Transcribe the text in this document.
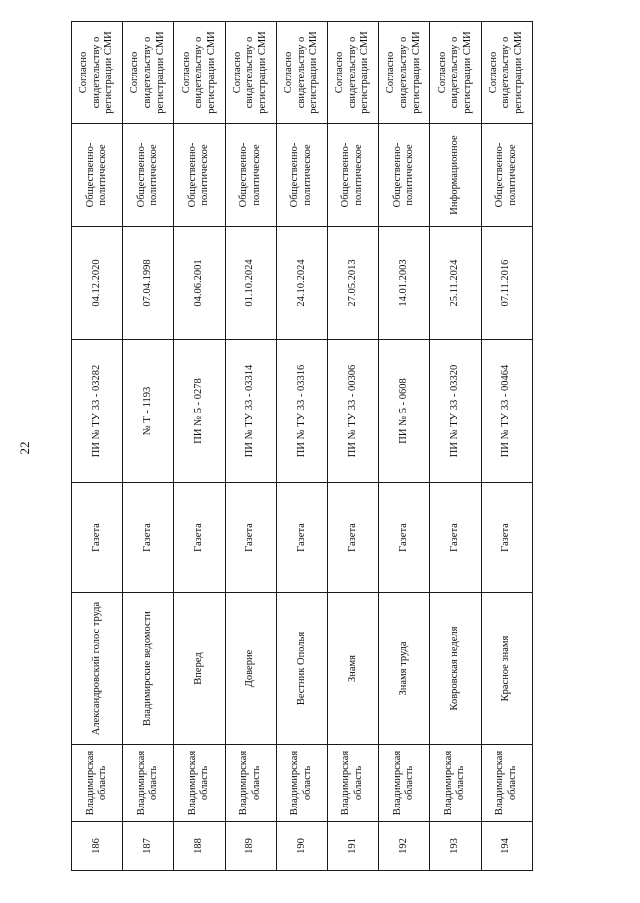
22
186	Владимирская область	Александровский голос труда	Газета	ПИ № ТУ 33 - 03282	04.12.2020	Общественно-политическое	Согласно свидетельству о регистрации СМИ
187	Владимирская область	Владимирские ведомости	Газета	№ Т - 1193	07.04.1998	Общественно-политическое	Согласно свидетельству о регистрации СМИ
188	Владимирская область	Вперед	Газета	ПИ № 5 - 0278	04.06.2001	Общественно-политическое	Согласно свидетельству о регистрации СМИ
189	Владимирская область	Доверие	Газета	ПИ № ТУ 33 - 03314	01.10.2024	Общественно-политическое	Согласно свидетельству о регистрации СМИ
190	Владимирская область	Вестник Ополья	Газета	ПИ № ТУ 33 - 03316	24.10.2024	Общественно-политическое	Согласно свидетельству о регистрации СМИ
191	Владимирская область	Знамя	Газета	ПИ № ТУ 33 - 00306	27.05.2013	Общественно-политическое	Согласно свидетельству о регистрации СМИ
192	Владимирская область	Знамя труда	Газета	ПИ № 5 - 0608	14.01.2003	Общественно-политическое	Согласно свидетельству о регистрации СМИ
193	Владимирская область	Ковровская неделя	Газета	ПИ № ТУ 33 - 03320	25.11.2024	Информационное	Согласно свидетельству о регистрации СМИ
194	Владимирская область	Красное знамя	Газета	ПИ № ТУ 33 - 00464	07.11.2016	Общественно-политическое	Согласно свидетельству о регистрации СМИ
